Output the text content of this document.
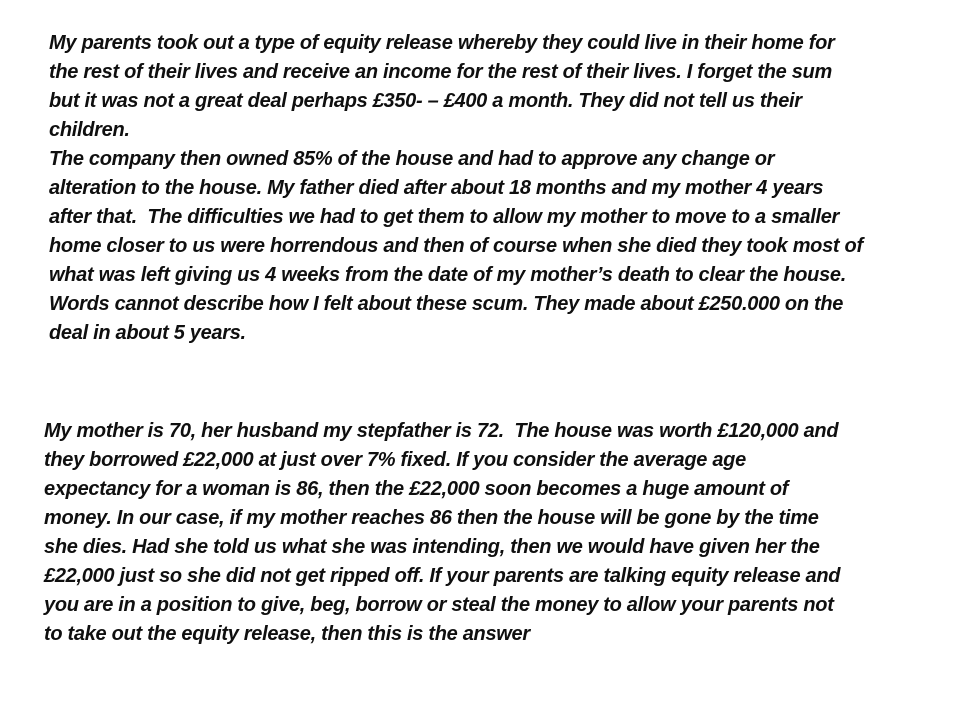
My parents took out a type of equity release whereby they could live in their home for
the rest of their lives and receive an income for the rest of their lives. I forget the sum
but it was not a great deal perhaps £350- – £400 a month. They did not tell us their
children.
The company then owned 85% of the house and had to approve any change or
alteration to the house. My father died after about 18 months and my mother 4 years
after that.  The difficulties we had to get them to allow my mother to move to a smaller
home closer to us were horrendous and then of course when she died they took most of
what was left giving us 4 weeks from the date of my mother’s death to clear the house.
Words cannot describe how I felt about these scum. They made about £250.000 on the
deal in about 5 years.
My mother is 70, her husband my stepfather is 72.  The house was worth £120,000 and
they borrowed £22,000 at just over 7% fixed. If you consider the average age
expectancy for a woman is 86, then the £22,000 soon becomes a huge amount of
money. In our case, if my mother reaches 86 then the house will be gone by the time
she dies. Had she told us what she was intending, then we would have given her the
£22,000 just so she did not get ripped off. If your parents are talking equity release and
you are in a position to give, beg, borrow or steal the money to allow your parents not
to take out the equity release, then this is the answer
